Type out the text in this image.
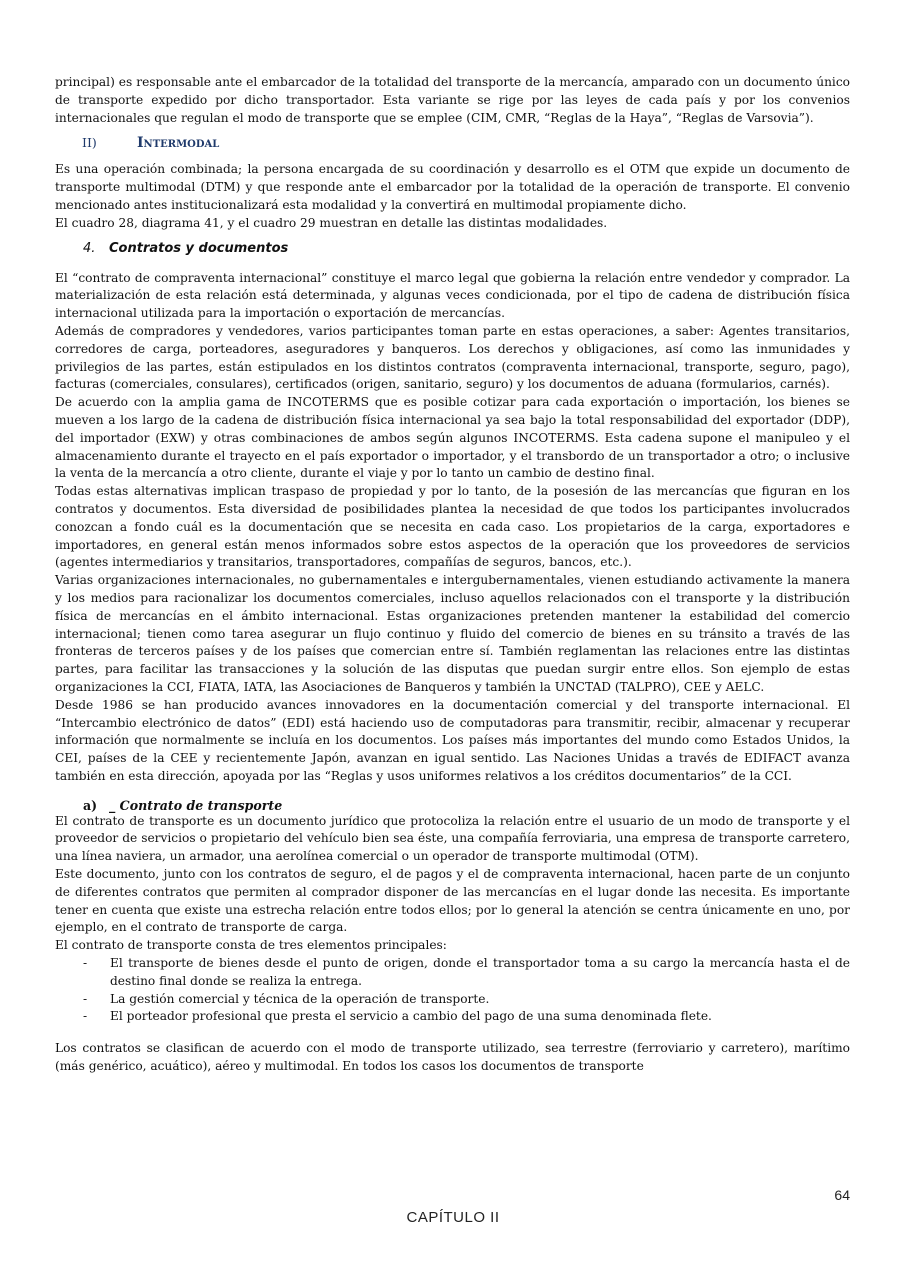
principal) es responsable ante el embarcador de la totalidad del transporte de la mercancía, amparado con un documento único de transporte expedido por dicho transportador. Esta variante se rige por las leyes de cada país y por los convenios internacionales que regulan el modo de transporte que se emplee (CIM, CMR, “Reglas de la Haya”, “Reglas de Varsovia”).

II)	Intermodal

Es una operación combinada; la persona encargada de su coordinación y desarrollo es el OTM que expide un documento de transporte multimodal (DTM) y que responde ante el embarcador por la totalidad de la operación de transporte. El convenio mencionado antes institucionalizará esta modalidad y la convertirá en multimodal propiamente dicho.

El cuadro 28, diagrama 41, y el cuadro 29 muestran en detalle las distintas modalidades.

4.	Contratos y documentos

El “contrato de compraventa internacional” constituye el marco legal que gobierna la relación entre vendedor y comprador. La materialización de esta relación está determinada, y algunas veces condicionada, por el tipo de cadena de distribución física internacional utilizada para la importación o exportación de mercancías.

Además de compradores y vendedores, varios participantes toman parte en estas operaciones, a saber: Agentes transitarios, corredores de carga, porteadores, aseguradores y banqueros. Los derechos y obligaciones, así como las inmunidades y privilegios de las partes, están estipulados en los distintos contratos (compraventa internacional, transporte, seguro, pago), facturas (comerciales, consulares), certificados (origen, sanitario, seguro) y los documentos de aduana (formularios, carnés).

De acuerdo con la amplia gama de INCOTERMS que es posible cotizar para cada exportación o importación, los bienes se mueven a los largo de la cadena de distribución física internacional ya sea bajo la total responsabilidad del exportador (DDP), del importador (EXW) y otras combinaciones de ambos según algunos INCOTERMS. Esta cadena supone el manipuleo y el almacenamiento durante el trayecto en el país exportador o importador, y el transbordo de un transportador a otro; o inclusive la venta de la mercancía a otro cliente, durante el viaje y por lo tanto un cambio de destino final.

Todas estas alternativas implican traspaso de propiedad y por lo tanto, de la posesión de las mercancías que figuran en los contratos y documentos. Esta diversidad de posibilidades plantea la necesidad de que todos los participantes involucrados conozcan a fondo cuál es la documentación que se necesita en cada caso. Los propietarios de la carga, exportadores e importadores, en general están menos informados sobre estos aspectos de la operación que los proveedores de servicios (agentes intermediarios y transitarios, transportadores, compañías de seguros, bancos, etc.).

Varias organizaciones internacionales, no gubernamentales e intergubernamentales, vienen estudiando activamente la manera y los medios para racionalizar los documentos comerciales, incluso aquellos relacionados con el transporte y la distribución física de mercancías en el ámbito internacional. Estas organizaciones pretenden mantener la estabilidad del comercio internacional; tienen como tarea asegurar un flujo continuo y fluido del comercio de bienes en su tránsito a través de las fronteras de terceros países y de los países que comercian entre sí. También reglamentan las relaciones entre las distintas partes, para facilitar las transacciones y la solución de las disputas que puedan surgir entre ellos. Son ejemplo de estas organizaciones la CCI, FIATA, IATA, las Asociaciones de Banqueros y también la UNCTAD (TALPRO), CEE y AELC.

Desde 1986 se han producido avances innovadores en la documentación comercial y del transporte internacional. El “Intercambio electrónico de datos” (EDI) está haciendo uso de computadoras para transmitir, recibir, almacenar y recuperar información que normalmente se incluía en los documentos. Los países más importantes del mundo como Estados Unidos, la CEI, países de la CEE y recientemente Japón, avanzan en igual sentido. Las Naciones Unidas a través de EDIFACT avanza también en esta dirección, apoyada por las “Reglas y usos uniformes relativos a los créditos documentarios” de la CCI.

a) _ Contrato de transporte

El contrato de transporte es un documento jurídico que protocoliza la relación entre el usuario de un modo de transporte y el proveedor de servicios o propietario del vehículo bien sea éste, una compañía ferroviaria, una empresa de transporte carretero, una línea naviera, un armador, una aerolínea comercial o un operador de transporte multimodal (OTM).

Este documento, junto con los contratos de seguro, el de pagos y el de compraventa internacional, hacen parte de un conjunto de diferentes contratos que permiten al comprador disponer de las mercancías en el lugar donde las necesita. Es importante tener en cuenta que existe una estrecha relación entre todos ellos; por lo general la atención se centra únicamente en uno, por ejemplo, en el contrato de transporte de carga.

El contrato de transporte consta de tres elementos principales:

-	El transporte de bienes desde el punto de origen, donde el transportador toma a su cargo la mercancía hasta el de destino final donde se realiza la entrega.
-	La gestión comercial y técnica de la operación de transporte.
-	El porteador profesional que presta el servicio a cambio del pago de una suma denominada flete.

Los contratos se clasifican de acuerdo con el modo de transporte utilizado, sea terrestre (ferroviario y carretero), marítimo (más genérico, acuático), aéreo y multimodal. En todos los casos los documentos de transporte

64
CAPÍTULO II
